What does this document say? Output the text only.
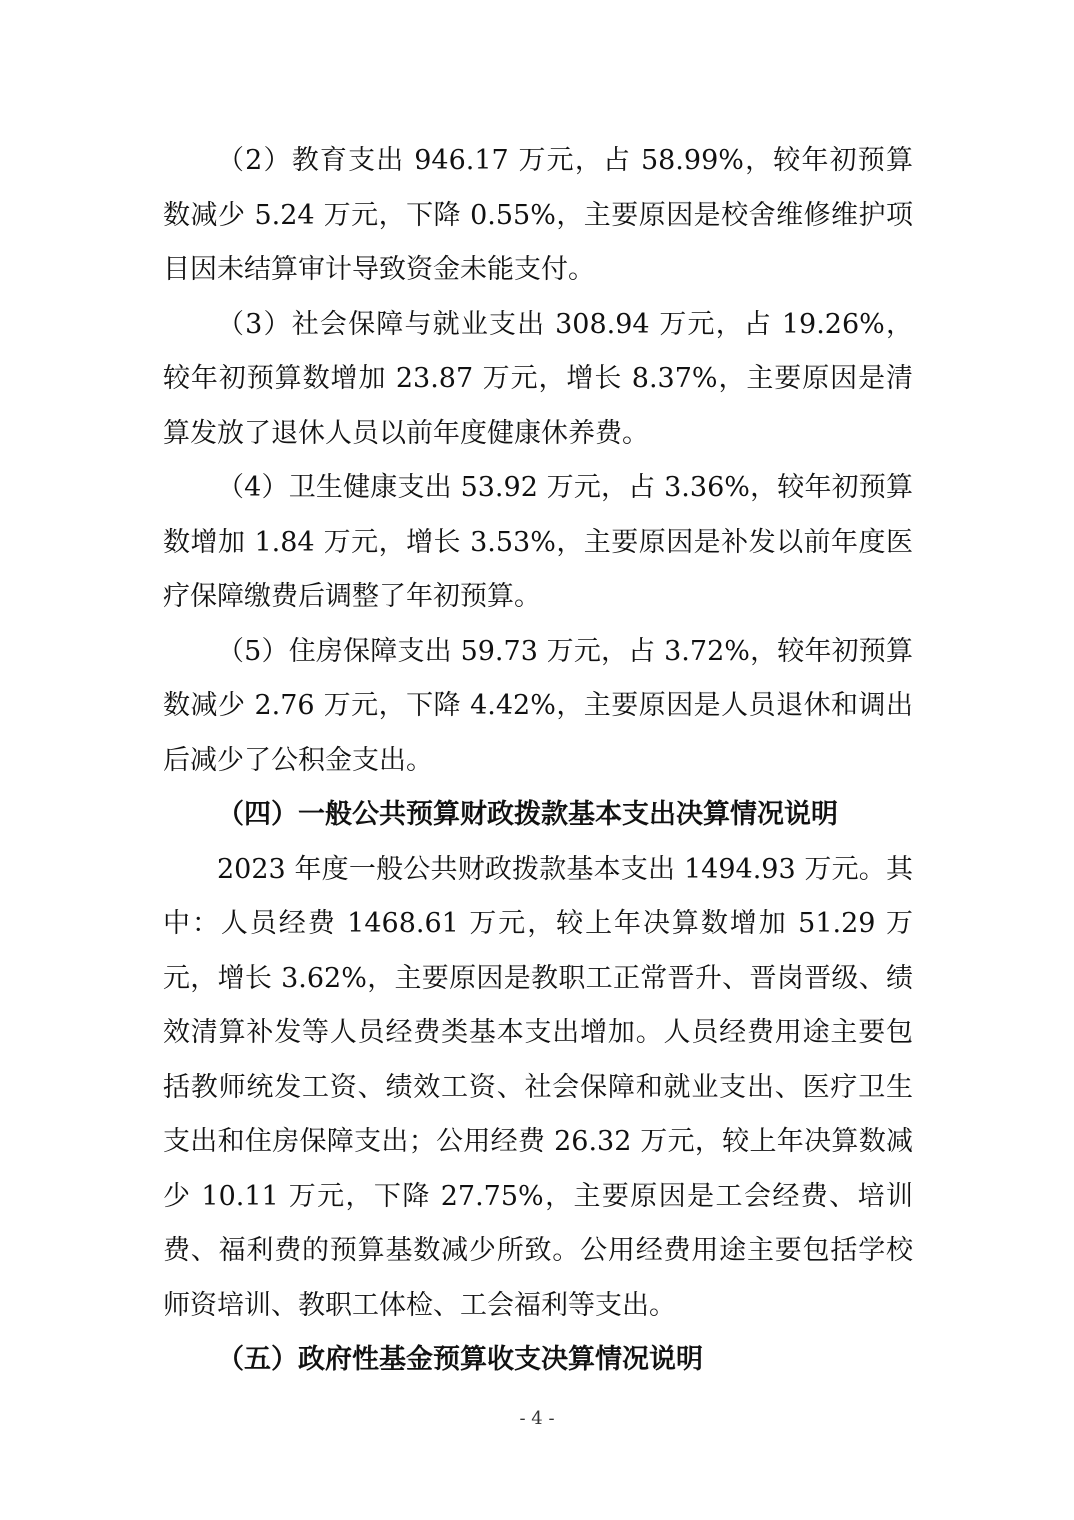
（2）教育支出 946.17 万元，占 58.99%，较年初预算数减少 5.24 万元，下降 0.55%，主要原因是校舍维修维护项目因未结算审计导致资金未能支付。

（3）社会保障与就业支出 308.94 万元，占 19.26%，较年初预算数增加 23.87 万元，增长 8.37%，主要原因是清算发放了退休人员以前年度健康休养费。

（4）卫生健康支出 53.92 万元，占 3.36%，较年初预算数增加 1.84 万元，增长 3.53%，主要原因是补发以前年度医疗保障缴费后调整了年初预算。

（5）住房保障支出 59.73 万元，占 3.72%，较年初预算数减少 2.76 万元，下降 4.42%，主要原因是人员退休和调出后减少了公积金支出。

（四）一般公共预算财政拨款基本支出决算情况说明

2023 年度一般公共财政拨款基本支出 1494.93 万元。其中：人员经费 1468.61 万元，较上年决算数增加 51.29 万元，增长 3.62%，主要原因是教职工正常晋升、晋岗晋级、绩效清算补发等人员经费类基本支出增加。人员经费用途主要包括教师统发工资、绩效工资、社会保障和就业支出、医疗卫生支出和住房保障支出；公用经费 26.32 万元，较上年决算数减少 10.11 万元，下降 27.75%，主要原因是工会经费、培训费、福利费的预算基数减少所致。公用经费用途主要包括学校师资培训、教职工体检、工会福利等支出。

（五）政府性基金预算收支决算情况说明

- 4 -
